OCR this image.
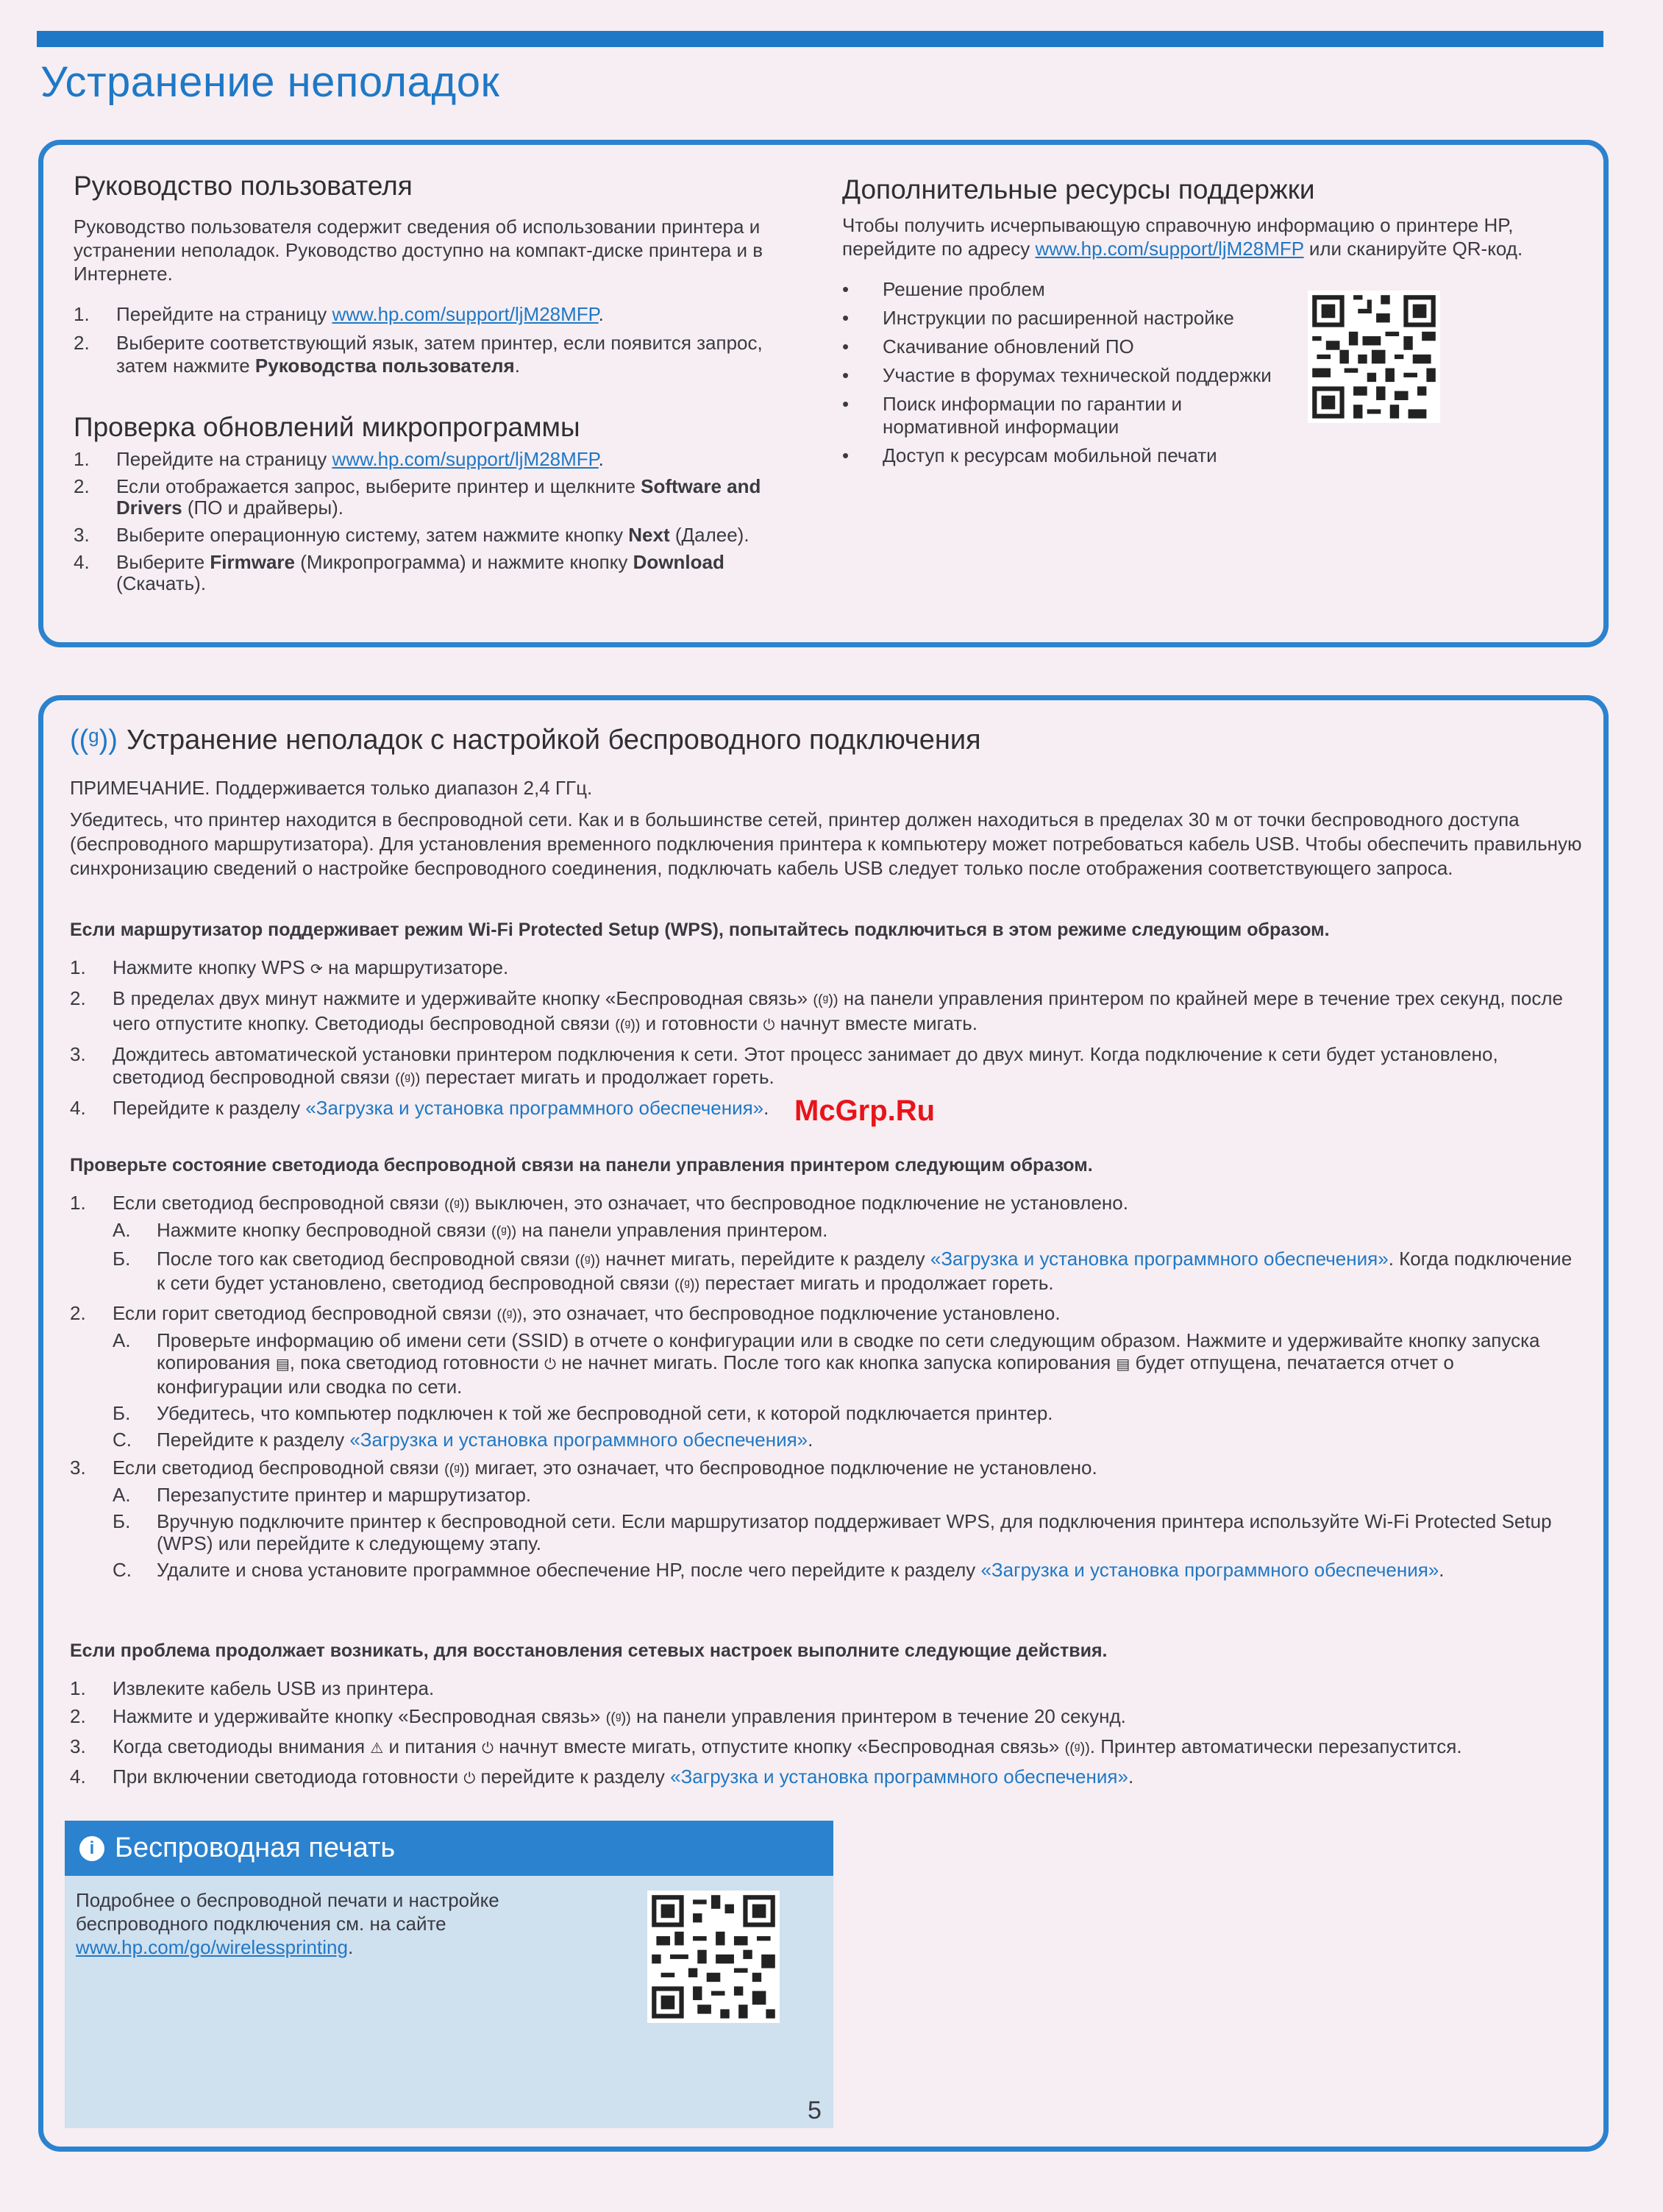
Устранение неполадок
Руководство пользователя
Руководство пользователя содержит сведения об использовании принтера и устранении неполадок. Руководство доступно на компакт-диске принтера и в Интернете.
1. Перейдите на страницу www.hp.com/support/ljM28MFP.
2. Выберите соответствующий язык, затем принтер, если появится запрос, затем нажмите Руководства пользователя.
Проверка обновлений микропрограммы
1. Перейдите на страницу www.hp.com/support/ljM28MFP.
2. Если отображается запрос, выберите принтер и щелкните Software and Drivers (ПО и драйверы).
3. Выберите операционную систему, затем нажмите кнопку Next (Далее).
4. Выберите Firmware (Микропрограмма) и нажмите кнопку Download (Скачать).
Дополнительные ресурсы поддержки
Чтобы получить исчерпывающую справочную информацию о принтере HP, перейдите по адресу www.hp.com/support/ljM28MFP или сканируйте QR-код.
• Решение проблем
• Инструкции по расширенной настройке
• Скачивание обновлений ПО
• Участие в форумах технической поддержки
• Поиск информации по гарантии и нормативной информации
• Доступ к ресурсам мобильной печати
((ᵍ)) Устранение неполадок с настройкой беспроводного подключения
ПРИМЕЧАНИЕ. Поддерживается только диапазон 2,4 ГГц.
Убедитесь, что принтер находится в беспроводной сети. Как и в большинстве сетей, принтер должен находиться в пределах 30 м от точки беспроводного доступа (беспроводного маршрутизатора). Для установления временного подключения принтера к компьютеру может потребоваться кабель USB. Чтобы обеспечить правильную синхронизацию сведений о настройке беспроводного соединения, подключать кабель USB следует только после отображения соответствующего запроса.
Если маршрутизатор поддерживает режим Wi-Fi Protected Setup (WPS), попытайтесь подключиться в этом режиме следующим образом.
1. Нажмите кнопку WPS ⟳ на маршрутизаторе.
2. В пределах двух минут нажмите и удерживайте кнопку «Беспроводная связь» ((ᵍ)) на панели управления принтером по крайней мере в течение трех секунд, после чего отпустите кнопку. Светодиоды беспроводной связи ((ᵍ)) и готовности ⏻ начнут вместе мигать.
3. Дождитесь автоматической установки принтером подключения к сети. Этот процесс занимает до двух минут. Когда подключение к сети будет установлено, светодиод беспроводной связи ((ᵍ)) перестает мигать и продолжает гореть.
4. Перейдите к разделу «Загрузка и установка программного обеспечения».
Проверьте состояние светодиода беспроводной связи на панели управления принтером следующим образом.
1. Если светодиод беспроводной связи ((ᵍ)) выключен, это означает, что беспроводное подключение не установлено.
А. Нажмите кнопку беспроводной связи ((ᵍ)) на панели управления принтером.
Б. После того как светодиод беспроводной связи ((ᵍ)) начнет мигать, перейдите к разделу «Загрузка и установка программного обеспечения». Когда подключение к сети будет установлено, светодиод беспроводной связи ((ᵍ)) перестает мигать и продолжает гореть.
2. Если горит светодиод беспроводной связи ((ᵍ)), это означает, что беспроводное подключение установлено.
А. Проверьте информацию об имени сети (SSID) в отчете о конфигурации или в сводке по сети следующим образом. Нажмите и удерживайте кнопку запуска копирования ▤, пока светодиод готовности ⏻ не начнет мигать. После того как кнопка запуска копирования ▤ будет отпущена, печатается отчет о конфигурации или сводка по сети.
Б. Убедитесь, что компьютер подключен к той же беспроводной сети, к которой подключается принтер.
С. Перейдите к разделу «Загрузка и установка программного обеспечения».
3. Если светодиод беспроводной связи ((ᵍ)) мигает, это означает, что беспроводное подключение не установлено.
А. Перезапустите принтер и маршрутизатор.
Б. Вручную подключите принтер к беспроводной сети. Если маршрутизатор поддерживает WPS, для подключения принтера используйте Wi-Fi Protected Setup (WPS) или перейдите к следующему этапу.
С. Удалите и снова установите программное обеспечение HP, после чего перейдите к разделу «Загрузка и установка программного обеспечения».
Если проблема продолжает возникать, для восстановления сетевых настроек выполните следующие действия.
1. Извлеките кабель USB из принтера.
2. Нажмите и удерживайте кнопку «Беспроводная связь» ((ᵍ)) на панели управления принтером в течение 20 секунд.
3. Когда светодиоды внимания ⚠ и питания ⏻ начнут вместе мигать, отпустите кнопку «Беспроводная связь» ((ᵍ)). Принтер автоматически перезапустится.
4. При включении светодиода готовности ⏻ перейдите к разделу «Загрузка и установка программного обеспечения».
i Беспроводная печать
Подробнее о беспроводной печати и настройке беспроводного подключения см. на сайте www.hp.com/go/wirelessprinting.
5
McGrp.Ru
